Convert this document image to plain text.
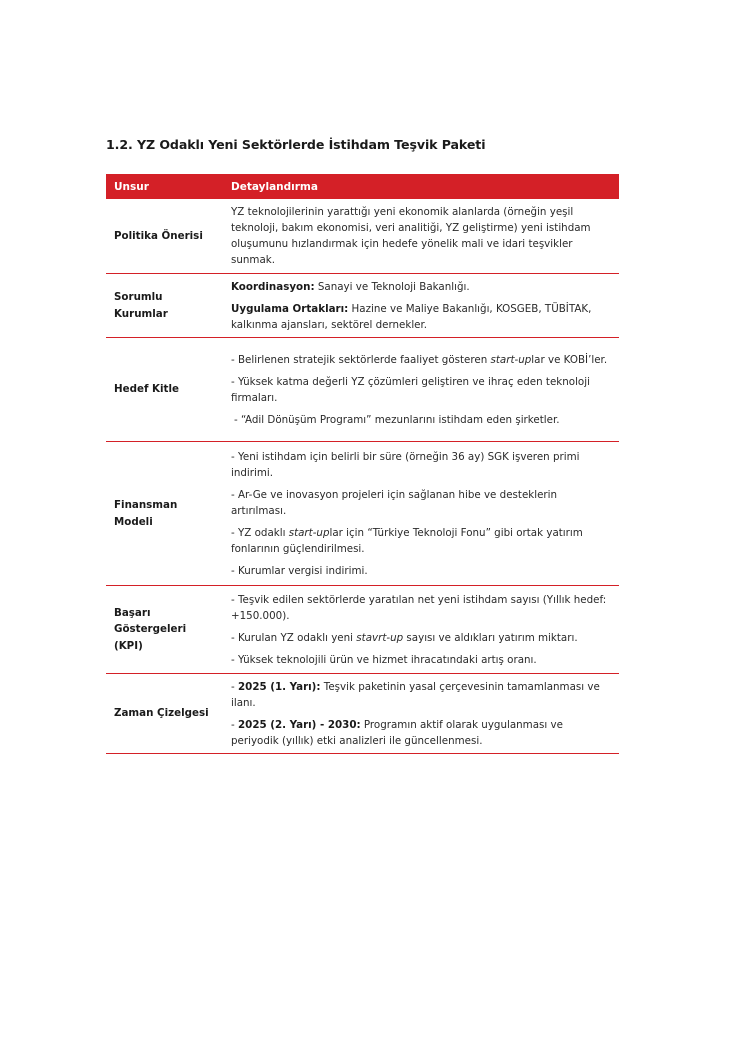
1.2. YZ Odaklı Yeni Sektörlerde İstihdam Teşvik Paketi
Unsur	Detaylandırma
Politika Önerisi	YZ teknolojilerinin yarattığı yeni ekonomik alanlarda (örneğin yeşil teknoloji, bakım ekonomisi, veri analitiği, YZ geliştirme) yeni istihdam oluşumunu hızlandırmak için hedefe yönelik mali ve idari teşvikler sunmak.

Sorumlu Kurumlar	Koordinasyon: Sanayi ve Teknoloji Bakanlığı.

Uygulama Ortakları: Hazine ve Maliye Bakanlığı, KOSGEB, TÜBİTAK, kalkınma ajansları, sektörel dernekler.

Hedef Kitle	- Belirlenen stratejik sektörlerde faaliyet gösteren start-uplar ve KOBİ’ler.

- Yüksek katma değerli YZ çözümleri geliştiren ve ihraç eden teknoloji firmaları.

- “Adil Dönüşüm Programı” mezunlarını istihdam eden şirketler.

Finansman Modeli	- Yeni istihdam için belirli bir süre (örneğin 36 ay) SGK işveren primi indirimi.

- Ar-Ge ve inovasyon projeleri için sağlanan hibe ve desteklerin artırılması.

- YZ odaklı start-uplar için “Türkiye Teknoloji Fonu” gibi ortak yatırım fonlarının güçlendirilmesi.

- Kurumlar vergisi indirimi.

Başarı Göstergeleri (KPI)	- Teşvik edilen sektörlerde yaratılan net yeni istihdam sayısı (Yıllık hedef: +150.000).

- Kurulan YZ odaklı yeni stavrt-up sayısı ve aldıkları yatırım miktarı.

- Yüksek teknolojili ürün ve hizmet ihracatındaki artış oranı.

Zaman Çizelgesi	- 2025 (1. Yarı): Teşvik paketinin yasal çerçevesinin tamamlanması ve ilanı.

- 2025 (2. Yarı) - 2030: Programın aktif olarak uygulanması ve periyodik (yıllık) etki analizleri ile güncellenmesi.
